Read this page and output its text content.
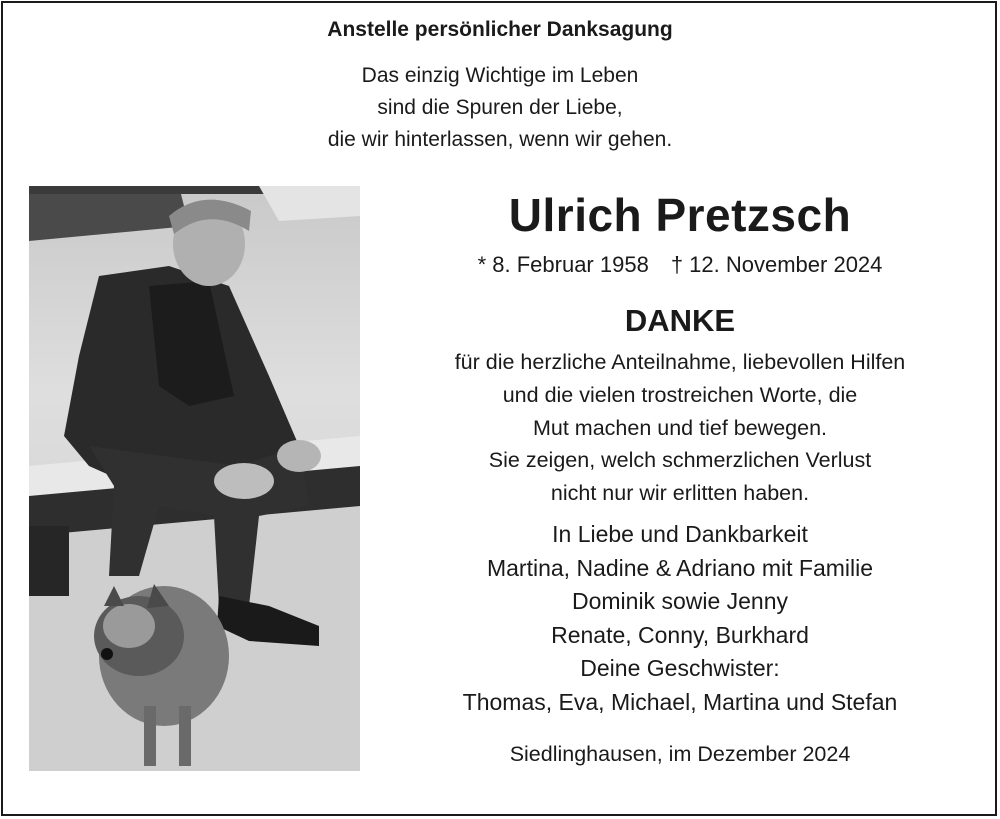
Anstelle persönlicher Danksagung
Das einzig Wichtige im Leben
sind die Spuren der Liebe,
die wir hinterlassen, wenn wir gehen.
Ulrich Pretzsch
* 8. Februar 1958 † 12. November 2024
DANKE
für die herzliche Anteilnahme, liebevollen Hilfen
und die vielen trostreichen Worte, die
Mut machen und tief bewegen.
Sie zeigen, welch schmerzlichen Verlust
nicht nur wir erlitten haben.
In Liebe und Dankbarkeit
Martina, Nadine & Adriano mit Familie
Dominik sowie Jenny
Renate, Conny, Burkhard
Deine Geschwister:
Thomas, Eva, Michael, Martina und Stefan
Siedlinghausen, im Dezember 2024
